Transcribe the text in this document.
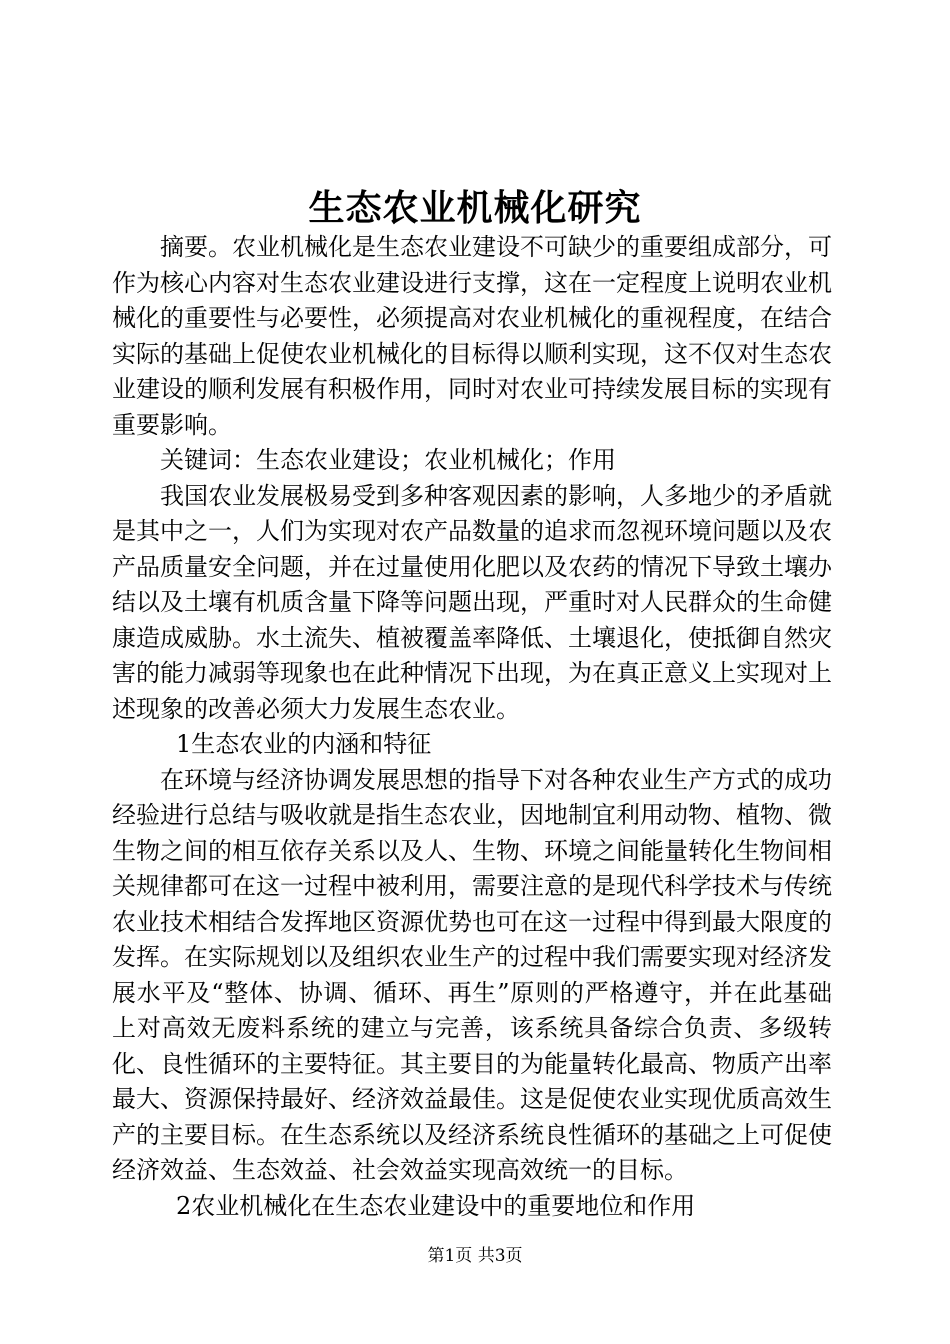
生态农业机械化研究

摘要。农业机械化是生态农业建设不可缺少的重要组成部分，可作为核心内容对生态农业建设进行支撑，这在一定程度上说明农业机械化的重要性与必要性，必须提高对农业机械化的重视程度，在结合实际的基础上促使农业机械化的目标得以顺利实现，这不仅对生态农业建设的顺利发展有积极作用，同时对农业可持续发展目标的实现有重要影响。

关键词：生态农业建设；农业机械化；作用

我国农业发展极易受到多种客观因素的影响，人多地少的矛盾就是其中之一，人们为实现对农产品数量的追求而忽视环境问题以及农产品质量安全问题，并在过量使用化肥以及农药的情况下导致土壤办结以及土壤有机质含量下降等问题出现，严重时对人民群众的生命健康造成威胁。水土流失、植被覆盖率降低、土壤退化，使抵御自然灾害的能力减弱等现象也在此种情况下出现，为在真正意义上实现对上述现象的改善必须大力发展生态农业。

1生态农业的内涵和特征

在环境与经济协调发展思想的指导下对各种农业生产方式的成功经验进行总结与吸收就是指生态农业，因地制宜利用动物、植物、微生物之间的相互依存关系以及人、生物、环境之间能量转化生物间相关规律都可在这一过程中被利用，需要注意的是现代科学技术与传统农业技术相结合发挥地区资源优势也可在这一过程中得到最大限度的发挥。在实际规划以及组织农业生产的过程中我们需要实现对经济发展水平及“整体、协调、循环、再生”原则的严格遵守，并在此基础上对高效无废料系统的建立与完善，该系统具备综合负责、多级转化、良性循环的主要特征。其主要目的为能量转化最高、物质产出率最大、资源保持最好、经济效益最佳。这是促使农业实现优质高效生产的主要目标。在生态系统以及经济系统良性循环的基础之上可促使经济效益、生态效益、社会效益实现高效统一的目标。

2农业机械化在生态农业建设中的重要地位和作用

第1页 共3页
